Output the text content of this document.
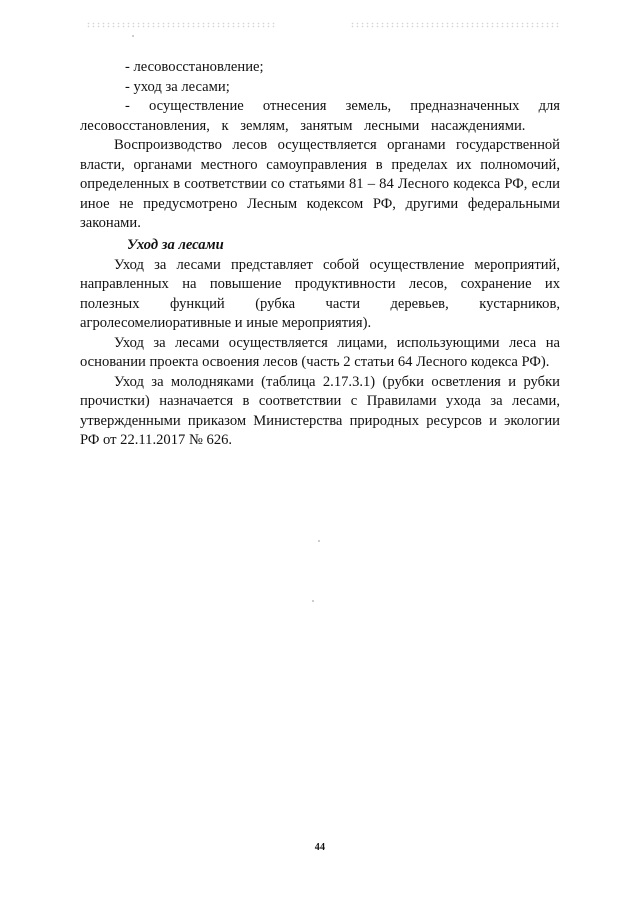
- лесовосстановление;

- уход за лесами;

- осуществление отнесения земель, предназначенных для лесовосстановления, к землям, занятым лесными насаждениями.

Воспроизводство лесов осуществляется органами государственной власти, органами местного самоуправления в пределах их полномочий, определенных в соответствии со статьями 81 – 84 Лесного кодекса РФ, если иное не предусмотрено Лесным кодексом РФ, другими федеральными законами.

Уход за лесами

Уход за лесами представляет собой осуществление мероприятий, направленных на повышение продуктивности лесов, сохранение их полезных функций (рубка части деревьев, кустарников, агролесомелиоративные и иные мероприятия).

Уход за лесами осуществляется лицами, использующими леса на основании проекта освоения лесов (часть 2 статьи 64 Лесного кодекса РФ).

Уход за молодняками (таблица 2.17.3.1) (рубки осветления и рубки прочистки) назначается в соответствии с Правилами ухода за лесами, утвержденными приказом Министерства природных ресурсов и экологии РФ от 22.11.2017 № 626.

44
